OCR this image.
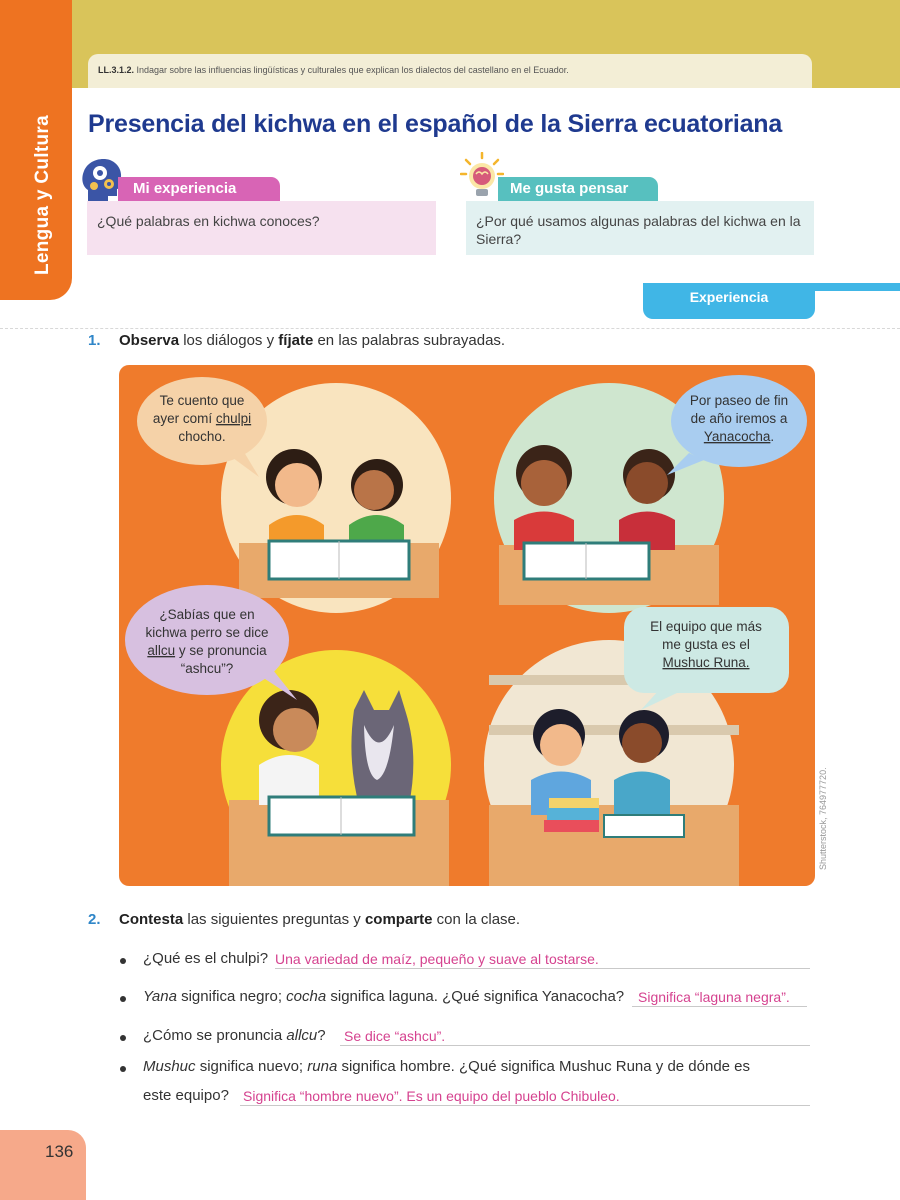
LL.3.1.2. Indagar sobre las influencias lingüísticas y culturales que explican los dialectos del castellano en el Ecuador.
Lengua y Cultura Presencia del kichwa en el español de la Sierra ecuatoriana
Mi experiencia
¿Qué palabras en kichwa conoces?
Me gusta pensar
¿Por qué usamos algunas palabras del kichwa en la
Sierra?
Experiencia
1. Observa los diálogos y fíjate en las palabras subrayadas.
Te cuento que
ayer comí chulpi
chocho.
Por paseo de fin
de año iremos a
Yanacocha.
¿Sabías que en
kichwa perro se dice
allcu y se pronuncia
“ashcu”?
El equipo que más
me gusta es el
Mushuc Runa.
Shutterstock, 764977720.
2. Contesta las siguientes preguntas y comparte con la clase.
¿Qué es el chulpi? Una variedad de maíz, pequeño y suave al tostarse.
Yana significa negro; cocha significa laguna. ¿Qué significa Yanacocha? Significa “laguna negra”.
¿Cómo se pronuncia allcu? Se dice “ashcu”.
Mushuc significa nuevo; runa significa hombre. ¿Qué significa Mushuc Runa y de dónde es
este equipo? Significa “hombre nuevo”. Es un equipo del pueblo Chibuleo.
136
